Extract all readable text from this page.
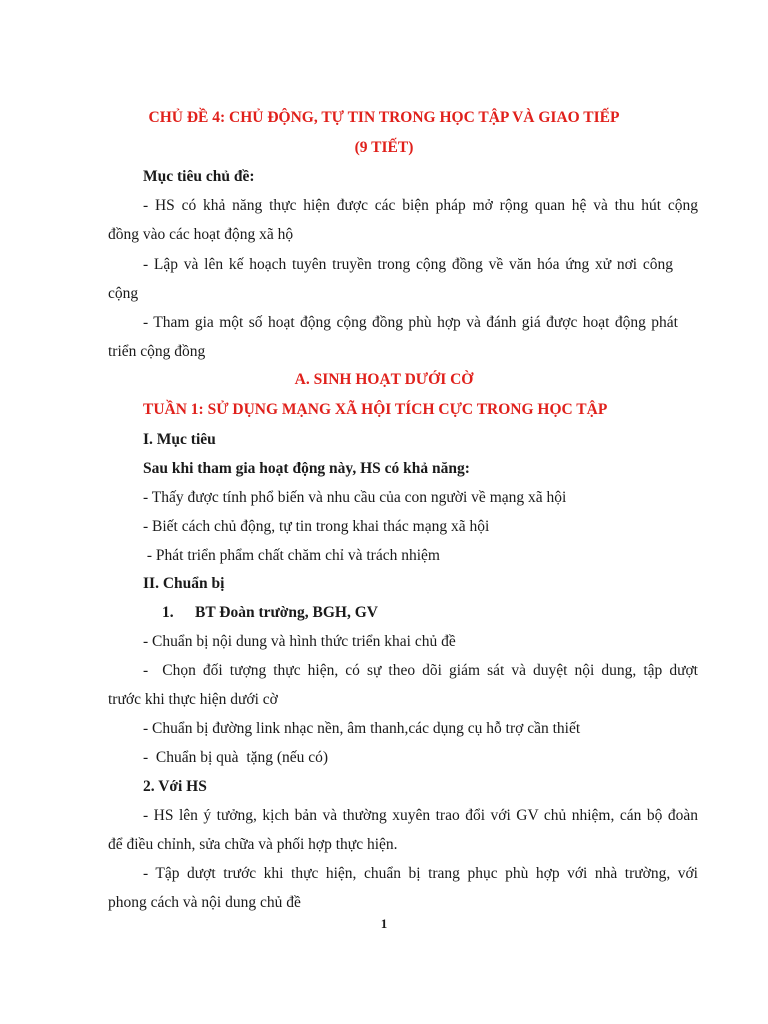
CHỦ ĐỀ 4: CHỦ ĐỘNG, TỰ TIN TRONG HỌC TẬP VÀ GIAO TIẾP
(9 TIẾT)
Mục tiêu chủ đề:
- HS có khả năng thực hiện được các biện pháp mở rộng quan hệ và thu hút cộng
đồng vào các hoạt động xã hộ
- Lập và lên kế hoạch tuyên truyền trong cộng đồng về văn hóa ứng xử nơi công
cộng
- Tham gia một số hoạt động cộng đồng phù hợp và đánh giá được hoạt động phát
triển cộng đồng
A. SINH HOẠT DƯỚI CỜ
TUẦN 1: SỬ DỤNG MẠNG XÃ HỘI TÍCH CỰC TRONG HỌC TẬP
I. Mục tiêu
Sau khi tham gia hoạt động này, HS có khả năng:
- Thấy được tính phổ biến và nhu cầu của con người về mạng xã hội
- Biết cách chủ động, tự tin trong khai thác mạng xã hội
- Phát triển phẩm chất chăm chỉ và trách nhiệm
II. Chuẩn bị
1. BT Đoàn trường, BGH, GV
- Chuẩn bị nội dung và hình thức triển khai chủ đề
-  Chọn đối tượng thực hiện, có sự theo dõi giám sát và duyệt nội dung, tập dượt
trước khi thực hiện dưới cờ
- Chuẩn bị đường link nhạc nền, âm thanh,các dụng cụ hỗ trợ cần thiết
-  Chuẩn bị quà  tặng (nếu có)
2. Với HS
- HS lên ý tưởng, kịch bản và thường xuyên trao đổi với GV chủ nhiệm, cán bộ đoàn
để điều chỉnh, sửa chữa và phối hợp thực hiện.
- Tập dượt trước khi thực hiện, chuẩn bị trang phục phù hợp với nhà trường, với
phong cách và nội dung chủ đề
1
